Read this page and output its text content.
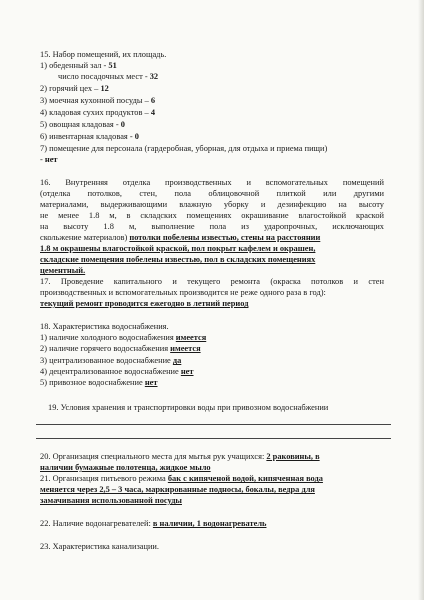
15. Набор помещений, их площадь.
1) обеденный зал - 51
число посадочных мест - 32
2) горячий цех – 12
3) моечная кухонной посуды – 6
4) кладовая сухих продуктов – 4
5) овощная кладовая - 0
6) инвентарная кладовая - 0
7) помещение для персонала (гардеробная, уборная, для отдыха и приема пищи)
- нет
16. Внутренняя отделка производственных и вспомогательных помещений
(отделка потолков, стен, пола облицовочной плиткой или другими
материалами, выдерживающими влажную уборку и дезинфекцию на высоту
не менее 1.8 м, в складских помещениях окрашивание влагостойкой краской
на высоту 1.8 м, выполнение пола из ударопрочных, исключающих
скольжение материалов) потолки побелены известью, стены на расстоянии
1.8 м окрашены влагостойкой краской, пол покрыт кафелем и окрашен,
складские помещения побелены известью, пол в складских помещениях
цементный.
17. Проведение капитального и текущего ремонта (окраска потолков и стен
производственных и вспомогательных производится не реже одного раза в год):
текущий ремонт проводится ежегодно в летний период
18. Характеристика водоснабжения.
1) наличие холодного водоснабжения имеется
2) наличие горячего водоснабжения имеется
3) централизованное водоснабжение да
4) децентрализованное водоснабжение нет
5) привозное водоснабжение нет
19. Условия хранения и транспортировки воды при привозном водоснабжении
20. Организация специального места для мытья рук учащихся: 2 раковины, в
наличии бумажные полотенца, жидкое мыло
21. Организация питьевого режима бак с кипяченой водой, кипяченная вода
меняется через 2,5 – 3 часа, маркированные подносы, бокалы, ведра для
замачивания использованной посуды
22. Наличие водонагревателей: в наличии, 1 водонагреватель
23. Характеристика канализации.
